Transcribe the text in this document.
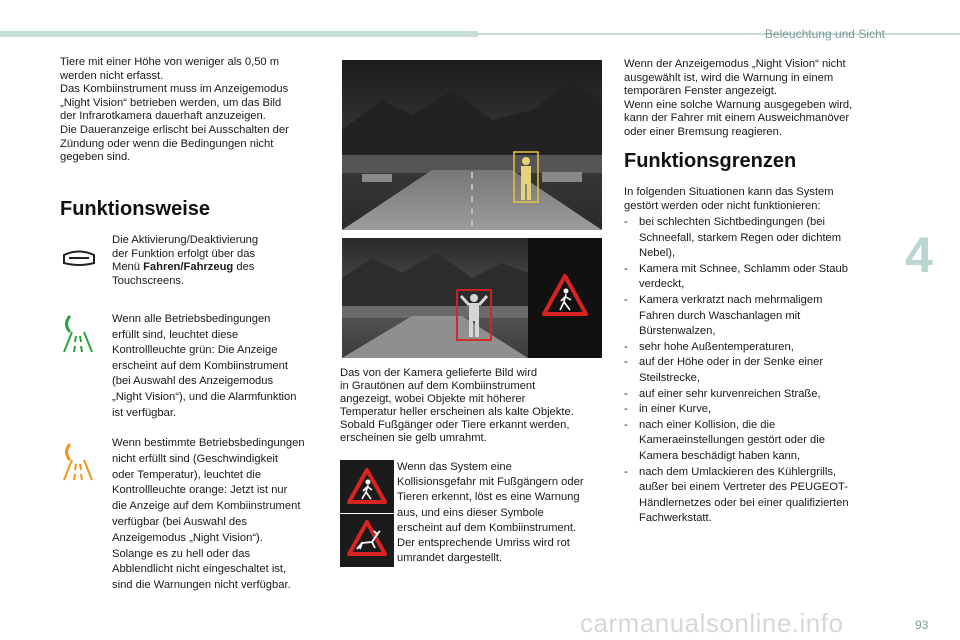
Beleuchtung und Sicht
4
Tiere mit einer Höhe von weniger als 0,50 m
werden nicht erfasst.
Das Kombiinstrument muss im Anzeigemodus
„Night Vision“ betrieben werden, um das Bild
der Infrarotkamera dauerhaft anzuzeigen.
Die Daueranzeige erlischt bei Ausschalten der
Zündung oder wenn die Bedingungen nicht
gegeben sind.
Funktionsweise
Die Aktivierung/Deaktivierung
der Funktion erfolgt über das
Menü Fahren/Fahrzeug des
Touchscreens.
Wenn alle Betriebsbedingungen
erfüllt sind, leuchtet diese
Kontrollleuchte grün: Die Anzeige
erscheint auf dem Kombiinstrument
(bei Auswahl des Anzeigemodus
„Night Vision“), und die Alarmfunktion
ist verfügbar.
Wenn bestimmte Betriebsbedingungen
nicht erfüllt sind (Geschwindigkeit
oder Temperatur), leuchtet die
Kontrollleuchte orange: Jetzt ist nur
die Anzeige auf dem Kombiinstrument
verfügbar (bei Auswahl des
Anzeigemodus „Night Vision“).
Solange es zu hell oder das
Abblendlicht nicht eingeschaltet ist,
sind die Warnungen nicht verfügbar.
Das von der Kamera gelieferte Bild wird
in Grautönen auf dem Kombiinstrument
angezeigt, wobei Objekte mit höherer
Temperatur heller erscheinen als kalte Objekte.
Sobald Fußgänger oder Tiere erkannt werden,
erscheinen sie gelb umrahmt.
Wenn das System eine
Kollisionsgefahr mit Fußgängern oder
Tieren erkennt, löst es eine Warnung
aus, und eins dieser Symbole
erscheint auf dem Kombiinstrument.
Der entsprechende Umriss wird rot
umrandet dargestellt.
Wenn der Anzeigemodus „Night Vision“ nicht
ausgewählt ist, wird die Warnung in einem
temporären Fenster angezeigt.
Wenn eine solche Warnung ausgegeben wird,
kann der Fahrer mit einem Ausweichmanöver
oder einer Bremsung reagieren.
Funktionsgrenzen
In folgenden Situationen kann das System
gestört werden oder nicht funktionieren:
- bei schlechten Sichtbedingungen (bei
Schneefall, starkem Regen oder dichtem
Nebel),
- Kamera mit Schnee, Schlamm oder Staub
verdeckt,
- Kamera verkratzt nach mehrmaligem
Fahren durch Waschanlagen mit
Bürstenwalzen,
- sehr hohe Außentemperaturen,
- auf der Höhe oder in der Senke einer
Steilstrecke,
- auf einer sehr kurvenreichen Straße,
- in einer Kurve,
- nach einer Kollision, die die
Kameraeinstellungen gestört oder die
Kamera beschädigt haben kann,
- nach dem Umlackieren des Kühlergrills,
außer bei einem Vertreter des PEUGEOT-
Händlernetzes oder bei einer qualifizierten
Fachwerkstatt.
carmanualsonline.info	93
